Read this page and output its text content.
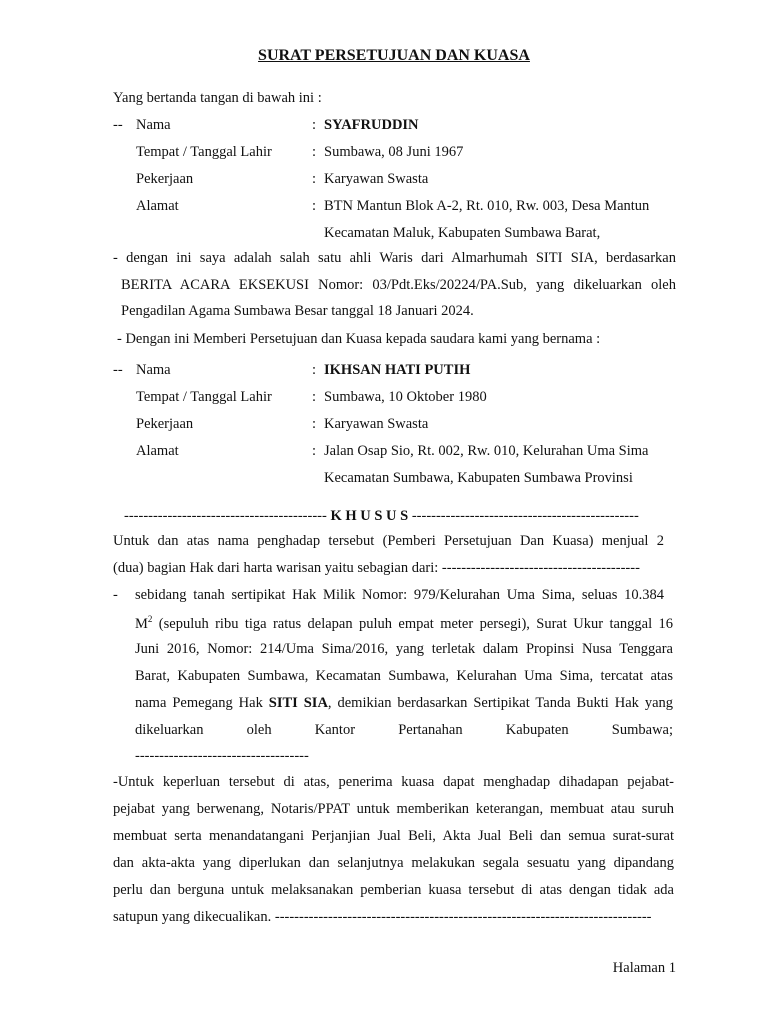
SURAT PERSETUJUAN DAN KUASA
Yang bertanda tangan di bawah ini :
-- Nama	: SYAFRUDDIN
Tempat / Tanggal Lahir	: Sumbawa, 08 Juni 1967
Pekerjaan	: Karyawan Swasta
Alamat	: BTN Mantun Blok A-2, Rt. 010, Rw. 003, Desa Mantun
Kecamatan Maluk, Kabupaten Sumbawa Barat,
- dengan ini saya adalah salah satu ahli Waris dari Almarhumah SITI SIA, berdasarkan
BERITA ACARA EKSEKUSI Nomor: 03/Pdt.Eks/20224/PA.Sub, yang dikeluarkan oleh
Pengadilan Agama Sumbawa Besar tanggal 18 Januari 2024.
- Dengan ini Memberi Persetujuan dan Kuasa kepada saudara kami yang bernama :
-- Nama	: IKHSAN HATI PUTIH
Tempat / Tanggal Lahir	: Sumbawa, 10 Oktober 1980
Pekerjaan	: Karyawan Swasta
Alamat	: Jalan Osap Sio, Rt. 002, Rw. 010, Kelurahan Uma Sima
Kecamatan Sumbawa, Kabupaten Sumbawa Provinsi
------------------------------------------ K H U S U S -----------------------------------------------
Untuk dan atas nama penghadap tersebut (Pemberi Persetujuan Dan Kuasa) menjual 2
(dua) bagian Hak dari harta warisan yaitu sebagian dari: -----------------------------------------
- sebidang tanah sertipikat Hak Milik Nomor: 979/Kelurahan Uma Sima, seluas 10.384
$M^2$ (sepuluh ribu tiga ratus delapan puluh empat meter persegi), Surat Ukur tanggal 16
Juni 2016, Nomor: 214/Uma Sima/2016, yang terletak dalam Propinsi Nusa Tenggara
Barat, Kabupaten Sumbawa, Kecamatan Sumbawa, Kelurahan Uma Sima, tercatat atas
nama Pemegang Hak SITI SIA, demikian berdasarkan Sertipikat Tanda Bukti Hak yang
dikeluarkan oleh Kantor Pertanahan Kabupaten Sumbawa;
------------------------------------
-Untuk keperluan tersebut di atas, penerima kuasa dapat menghadap dihadapan pejabat-
pejabat yang berwenang, Notaris/PPAT untuk memberikan keterangan, membuat atau suruh
membuat serta menandatangani Perjanjian Jual Beli, Akta Jual Beli dan semua surat-surat
dan akta-akta yang diperlukan dan selanjutnya melakukan segala sesuatu yang dipandang
perlu dan berguna untuk melaksanakan pemberian kuasa tersebut di atas dengan tidak ada
satupun yang dikecualikan. ------------------------------------------------------------------------------
Halaman 1
